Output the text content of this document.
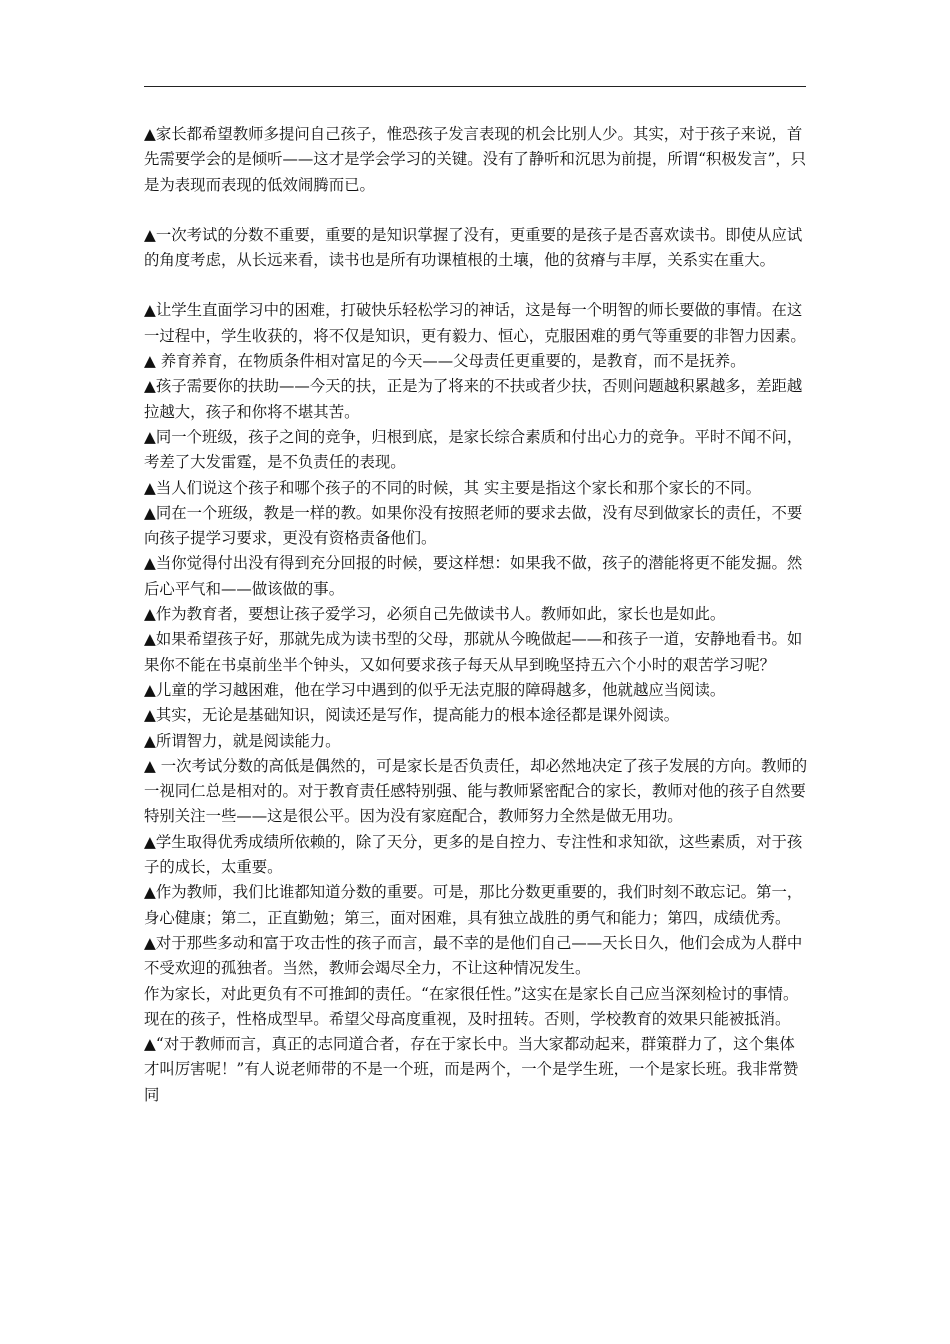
▲家长都希望教师多提问自己孩子，惟恐孩子发言表现的机会比别人少。其实，对于孩子来说，首先需要学会的是倾听——这才是学会学习的关键。没有了静听和沉思为前提，所谓“积极发言”，只是为表现而表现的低效闹腾而已。

▲一次考试的分数不重要，重要的是知识掌握了没有，更重要的是孩子是否喜欢读书。即使从应试的角度考虑，从长远来看，读书也是所有功课植根的土壤，他的贫瘠与丰厚，关系实在重大。

▲让学生直面学习中的困难，打破快乐轻松学习的神话，这是每一个明智的师长要做的事情。在这一过程中，学生收获的，将不仅是知识，更有毅力、恒心，克服困难的勇气等重要的非智力因素。

▲ 养育养育，在物质条件相对富足的今天——父母责任更重要的，是教育，而不是抚养。

▲孩子需要你的扶助——今天的扶，正是为了将来的不扶或者少扶，否则问题越积累越多，差距越拉越大，孩子和你将不堪其苦。

▲同一个班级，孩子之间的竞争，归根到底，是家长综合素质和付出心力的竞争。平时不闻不问，考差了大发雷霆，是不负责任的表现。

▲当人们说这个孩子和哪个孩子的不同的时候，其 实主要是指这个家长和那个家长的不同。

▲同在一个班级，教是一样的教。如果你没有按照老师的要求去做，没有尽到做家长的责任，不要向孩子提学习要求，更没有资格责备他们。

▲当你觉得付出没有得到充分回报的时候，要这样想：如果我不做，孩子的潜能将更不能发掘。然后心平气和——做该做的事。

▲作为教育者，要想让孩子爱学习，必须自己先做读书人。教师如此，家长也是如此。

▲如果希望孩子好，那就先成为读书型的父母，那就从今晚做起——和孩子一道，安静地看书。如果你不能在书桌前坐半个钟头，又如何要求孩子每天从早到晚坚持五六个小时的艰苦学习呢？

▲儿童的学习越困难，他在学习中遇到的似乎无法克服的障碍越多，他就越应当阅读。

▲其实，无论是基础知识，阅读还是写作，提高能力的根本途径都是课外阅读。

▲所谓智力，就是阅读能力。

▲ 一次考试分数的高低是偶然的，可是家长是否负责任，却必然地决定了孩子发展的方向。教师的一视同仁总是相对的。对于教育责任感特别强、能与教师紧密配合的家长，教师对他的孩子自然要特别关注一些——这是很公平。因为没有家庭配合，教师努力全然是做无用功。

▲学生取得优秀成绩所依赖的，除了天分，更多的是自控力、专注性和求知欲，这些素质，对于孩子的成长，太重要。

▲作为教师，我们比谁都知道分数的重要。可是，那比分数更重要的，我们时刻不敢忘记。第一，身心健康；第二，正直勤勉；第三，面对困难，具有独立战胜的勇气和能力；第四，成绩优秀。

▲对于那些多动和富于攻击性的孩子而言，最不幸的是他们自己——天长日久，他们会成为人群中不受欢迎的孤独者。当然，教师会竭尽全力，不让这种情况发生。

作为家长，对此更负有不可推卸的责任。“在家很任性。”这实在是家长自己应当深刻检讨的事情。现在的孩子，性格成型早。希望父母高度重视，及时扭转。否则，学校教育的效果只能被抵消。

▲“对于教师而言，真正的志同道合者，存在于家长中。当大家都动起来，群策群力了，这个集体才叫厉害呢！”有人说老师带的不是一个班，而是两个，一个是学生班，一个是家长班。我非常赞同
